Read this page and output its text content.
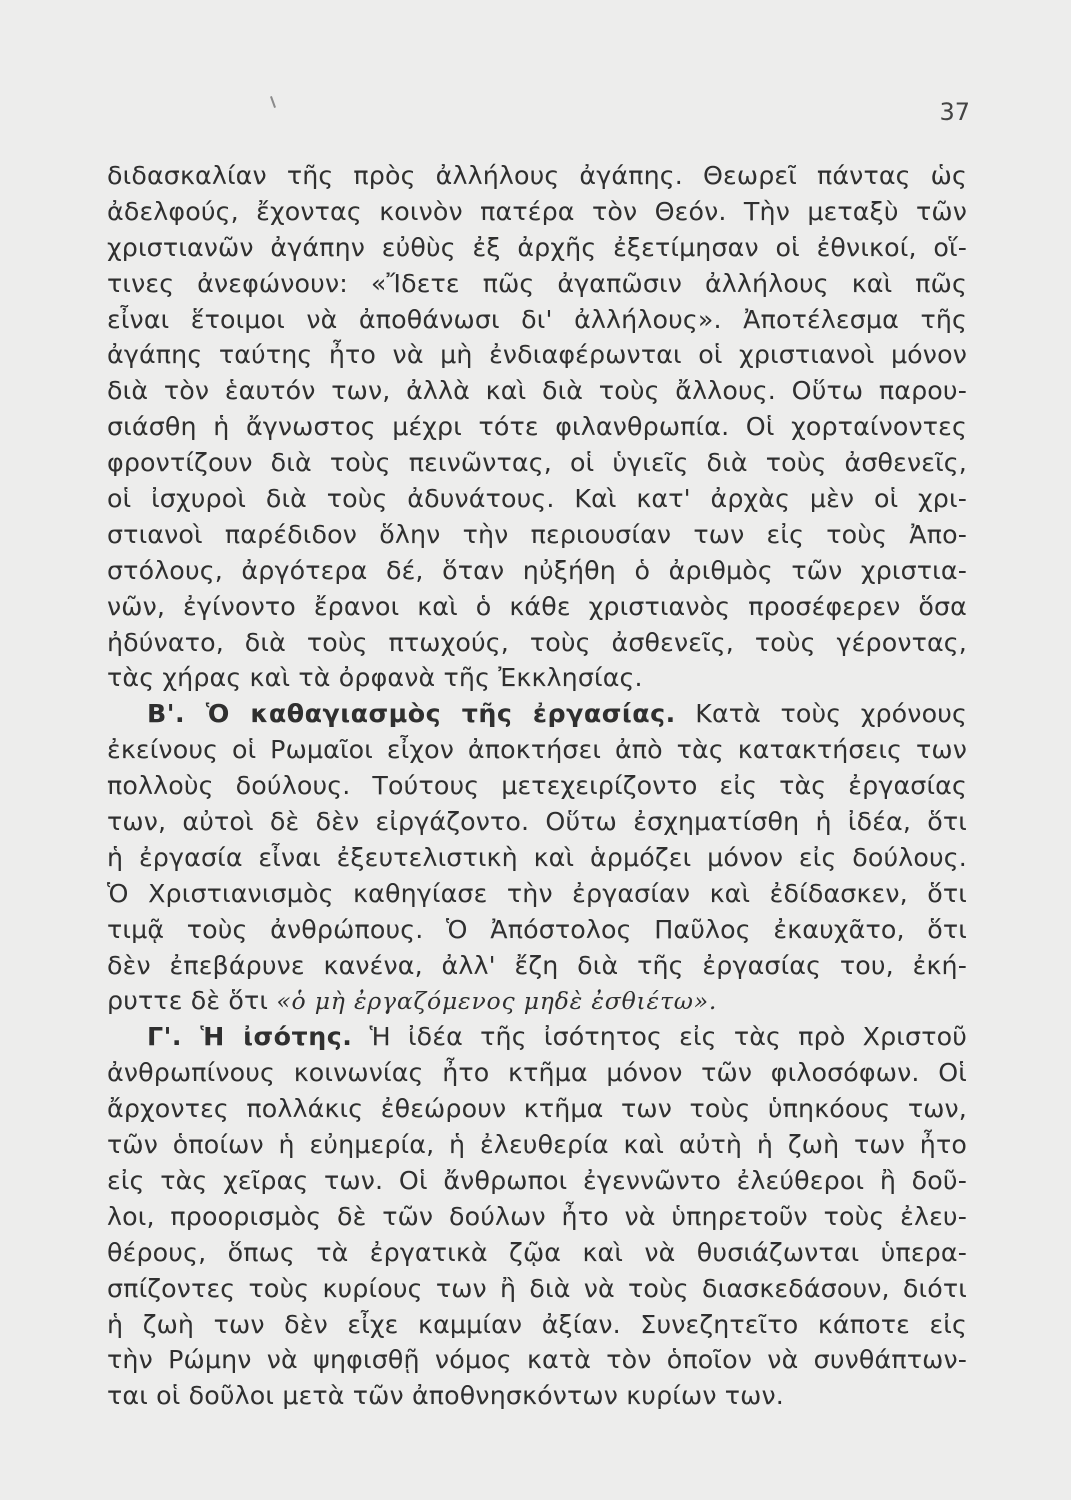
37
διδασκαλίαν τῆς πρὸς ἀλλήλους ἀγάπης. Θεωρεῖ πάντας ὡς
ἀδελφούς, ἔχοντας κοινὸν πατέρα τὸν Θεόν. Τὴν μεταξὺ τῶν
χριστιανῶν ἀγάπην εὐθὺς ἐξ ἀρχῆς ἐξετίμησαν οἱ ἐθνικοί, οἵ-
τινες ἀνεφώνουν: «Ἴδετε πῶς ἀγαπῶσιν ἀλλήλους καὶ πῶς
εἶναι ἕτοιμοι νὰ ἀποθάνωσι δι' ἀλλήλους». Ἀποτέλεσμα τῆς
ἀγάπης ταύτης ἦτο νὰ μὴ ἐνδιαφέρωνται οἱ χριστιανοὶ μόνον
διὰ τὸν ἑαυτόν των, ἀλλὰ καὶ διὰ τοὺς ἄλλους. Οὕτω παρου-
σιάσθη ἡ ἄγνωστος μέχρι τότε φιλανθρωπία. Οἱ χορταίνοντες
φροντίζουν διὰ τοὺς πεινῶντας, οἱ ὑγιεῖς διὰ τοὺς ἀσθενεῖς,
οἱ ἰσχυροὶ διὰ τοὺς ἀδυνάτους. Καὶ κατ' ἀρχὰς μὲν οἱ χρι-
στιανοὶ παρέδιδον ὅλην τὴν περιουσίαν των εἰς τοὺς Ἀπο-
στόλους, ἀργότερα δέ, ὅταν ηὐξήθη ὁ ἀριθμὸς τῶν χριστια-
νῶν, ἐγίνοντο ἔρανοι καὶ ὁ κάθε χριστιανὸς προσέφερεν ὅσα
ἠδύνατο, διὰ τοὺς πτωχούς, τοὺς ἀσθενεῖς, τοὺς γέροντας,
τὰς χήρας καὶ τὰ ὀρφανὰ τῆς Ἐκκλησίας.
Β'. Ὁ καθαγιασμὸς τῆς ἐργασίας. Κατὰ τοὺς χρόνους
ἐκείνους οἱ Ρωμαῖοι εἶχον ἀποκτήσει ἀπὸ τὰς κατακτήσεις των
πολλοὺς δούλους. Τούτους μετεχειρίζοντο εἰς τὰς ἐργασίας
των, αὐτοὶ δὲ δὲν εἰργάζοντο. Οὕτω ἐσχηματίσθη ἡ ἰδέα, ὅτι
ἡ ἐργασία εἶναι ἐξευτελιστικὴ καὶ ἁρμόζει μόνον εἰς δούλους.
Ὁ Χριστιανισμὸς καθηγίασε τὴν ἐργασίαν καὶ ἐδίδασκεν, ὅτι
τιμᾷ τοὺς ἀνθρώπους. Ὁ Ἀπόστολος Παῦλος ἐκαυχᾶτο, ὅτι
δὲν ἐπεβάρυνε κανένα, ἀλλ' ἔζη διὰ τῆς ἐργασίας του, ἐκή-
ρυττε δὲ ὅτι «ὁ μὴ ἐργαζόμενος μηδὲ ἐσθιέτω».
Γ'. Ἡ ἰσότης. Ἡ ἰδέα τῆς ἰσότητος εἰς τὰς πρὸ Χριστοῦ
ἀνθρωπίνους κοινωνίας ἦτο κτῆμα μόνον τῶν φιλοσόφων. Οἱ
ἄρχοντες πολλάκις ἐθεώρουν κτῆμα των τοὺς ὑπηκόους των,
τῶν ὁποίων ἡ εὐημερία, ἡ ἐλευθερία καὶ αὐτὴ ἡ ζωὴ των ἦτο
εἰς τὰς χεῖρας των. Οἱ ἄνθρωποι ἐγεννῶντο ἐλεύθεροι ἢ δοῦ-
λοι, προορισμὸς δὲ τῶν δούλων ἦτο νὰ ὑπηρετοῦν τοὺς ἐλευ-
θέρους, ὅπως τὰ ἐργατικὰ ζῷα καὶ νὰ θυσιάζωνται ὑπερα-
σπίζοντες τοὺς κυρίους των ἢ διὰ νὰ τοὺς διασκεδάσουν, διότι
ἡ ζωὴ των δὲν εἶχε καμμίαν ἀξίαν. Συνεζητεῖτο κάποτε εἰς
τὴν Ρώμην νὰ ψηφισθῇ νόμος κατὰ τὸν ὁποῖον νὰ συνθάπτων-
ται οἱ δοῦλοι μετὰ τῶν ἀποθνησκόντων κυρίων των.
